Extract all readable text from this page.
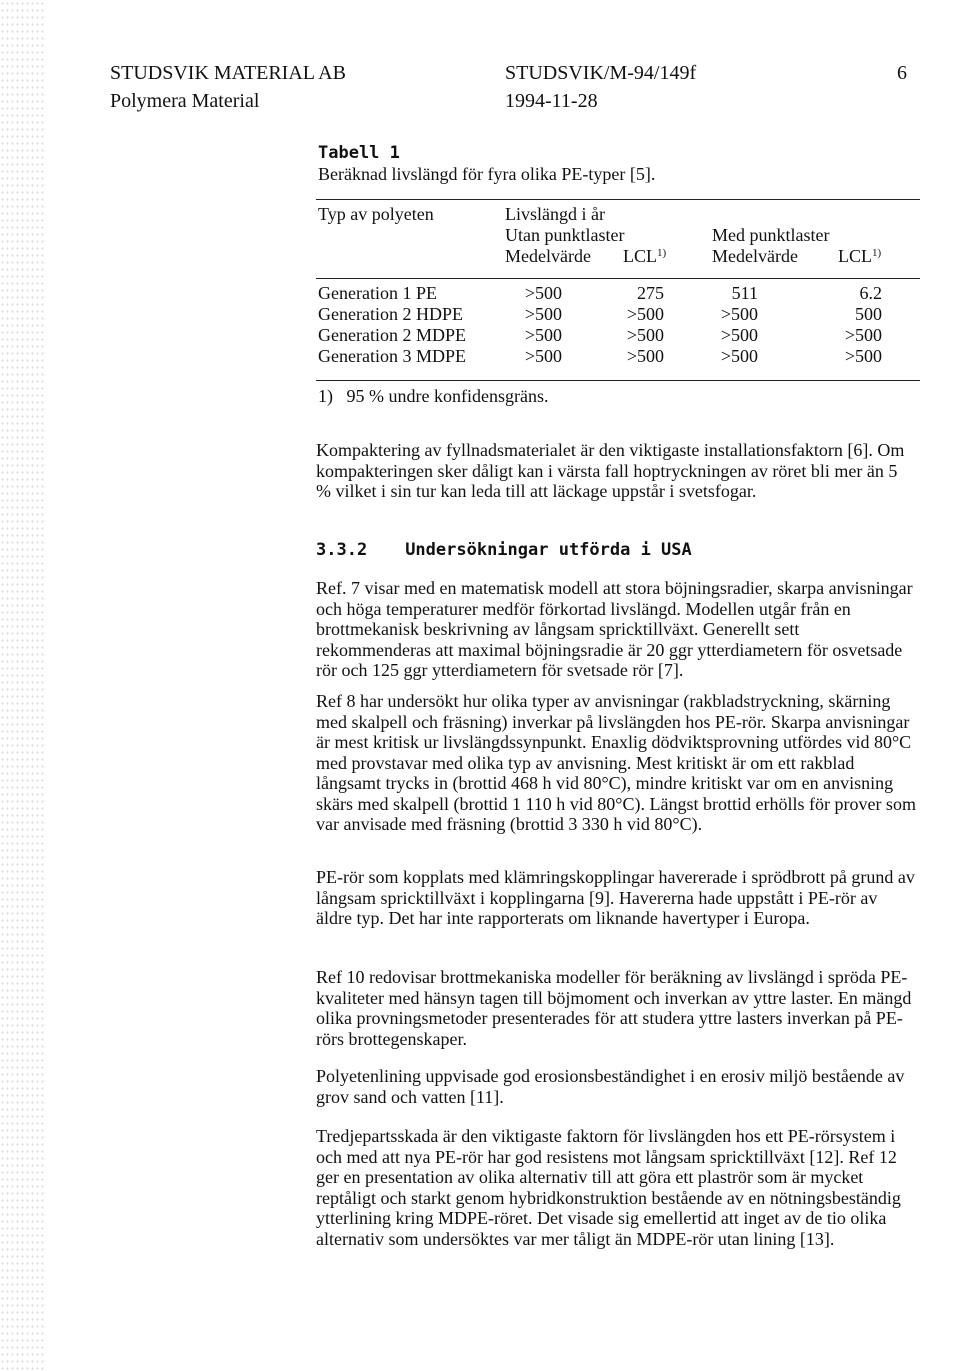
STUDSVIK MATERIAL AB
Polymera Material
STUDSVIK/M-94/149f
1994-11-28
6
Tabell 1
Beräknad livslängd för fyra olika PE-typer [5].
Typ av polyeten	Livslängd i år
Utan punktlaster	Med punktlaster
Medelvärde LCL$^{1)}$	Medelvärde LCL$^{1)}$
Generation 1 PE	>500	275	511	6.2
Generation 2 HDPE	>500	>500	>500	500
Generation 2 MDPE	>500	>500	>500	>500
Generation 3 MDPE	>500	>500	>500	>500
1) 95 % undre konfidensgräns.

Kompaktering av fyllnadsmaterialet är den viktigaste installationsfaktorn [6]. Om kompakteringen sker dåligt kan i värsta fall hoptryckningen av röret bli mer än 5 % vilket i sin tur kan leda till att läckage uppstår i svetsfogar.

3.3.2 Undersökningar utförda i USA

Ref. 7 visar med en matematisk modell att stora böjningsradier, skarpa anvisningar och höga temperaturer medför förkortad livslängd. Modellen utgår från en brottmekanisk beskrivning av långsam spricktillväxt. Generellt sett rekommenderas att maximal böjningsradie är 20 ggr ytterdiametern för osvetsade rör och 125 ggr ytterdiametern för svetsade rör [7].

Ref 8 har undersökt hur olika typer av anvisningar (rakbladstryckning, skärning med skalpell och fräsning) inverkar på livslängden hos PE-rör. Skarpa anvisningar är mest kritisk ur livslängdssynpunkt. Enaxlig dödviktsprovning utfördes vid 80°C med provstavar med olika typ av anvisning. Mest kritiskt är om ett rakblad långsamt trycks in (brottid 468 h vid 80°C), mindre kritiskt var om en anvisning skärs med skalpell (brottid 1 110 h vid 80°C). Längst brottid erhölls för prover som var anvisade med fräsning (brottid 3 330 h vid 80°C).

PE-rör som kopplats med klämringskopplingar havererade i sprödbrott på grund av långsam spricktillväxt i kopplingarna [9]. Havererna hade uppstått i PE-rör av äldre typ. Det har inte rapporterats om liknande havertyper i Europa.

Ref 10 redovisar brottmekaniska modeller för beräkning av livslängd i spröda PE-kvaliteter med hänsyn tagen till böjmoment och inverkan av yttre laster. En mängd olika provningsmetoder presenterades för att studera yttre lasters inverkan på PE-rörs brottegenskaper.

Polyetenlining uppvisade god erosionsbeständighet i en erosiv miljö bestående av grov sand och vatten [11].

Tredjepartsskada är den viktigaste faktorn för livslängden hos ett PE-rörsystem i och med att nya PE-rör har god resistens mot långsam spricktillväxt [12]. Ref 12 ger en presentation av olika alternativ till att göra ett plaströr som är mycket reptåligt och starkt genom hybridkonstruktion bestående av en nötningsbeständig ytterlining kring MDPE-röret. Det visade sig emellertid att inget av de tio olika alternativ som undersöktes var mer tåligt än MDPE-rör utan lining [13].
